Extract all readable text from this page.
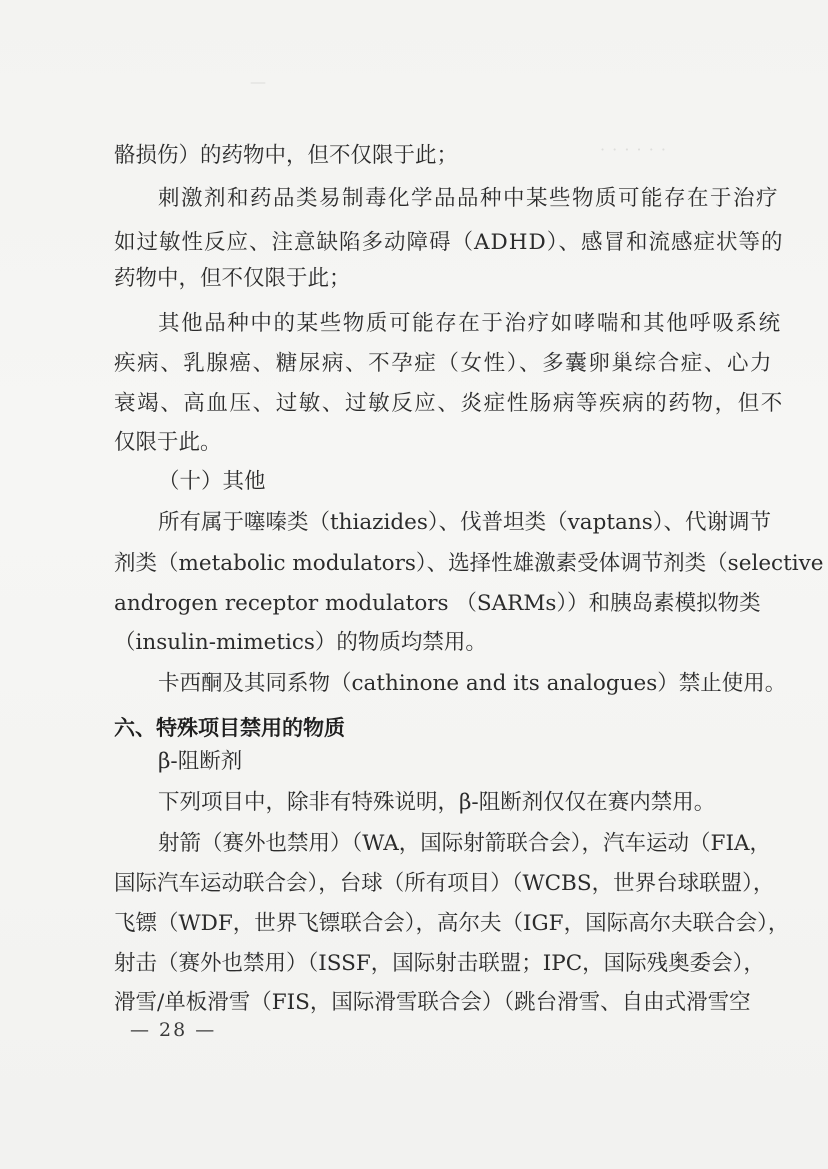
—
· · · · · ·
骼损伤）的药物中，但不仅限于此；
刺激剂和药品类易制毒化学品品种中某些物质可能存在于治疗
如过敏性反应、注意缺陷多动障碍（ADHD）、感冒和流感症状等的
药物中，但不仅限于此；
其他品种中的某些物质可能存在于治疗如哮喘和其他呼吸系统
疾病、乳腺癌、糖尿病、不孕症（女性）、多囊卵巢综合症、心力
衰竭、高血压、过敏、过敏反应、炎症性肠病等疾病的药物，但不
仅限于此。
（十）其他
所有属于噻嗪类（thiazides）、伐普坦类（vaptans）、代谢调节
剂类（metabolic modulators）、选择性雄激素受体调节剂类（selective
androgen receptor modulators （SARMs））和胰岛素模拟物类
（insulin-mimetics）的物质均禁用。
卡西酮及其同系物（cathinone and its analogues）禁止使用。
六、特殊项目禁用的物质
β-阻断剂
下列项目中，除非有特殊说明，β-阻断剂仅仅在赛内禁用。
射箭（赛外也禁用）（WA，国际射箭联合会），汽车运动（FIA，
国际汽车运动联合会），台球（所有项目）（WCBS，世界台球联盟），
飞镖（WDF，世界飞镖联合会），高尔夫（IGF，国际高尔夫联合会），
射击（赛外也禁用）（ISSF，国际射击联盟；IPC，国际残奥委会），
滑雪/单板滑雪（FIS，国际滑雪联合会）（跳台滑雪、自由式滑雪空
— 28 —
